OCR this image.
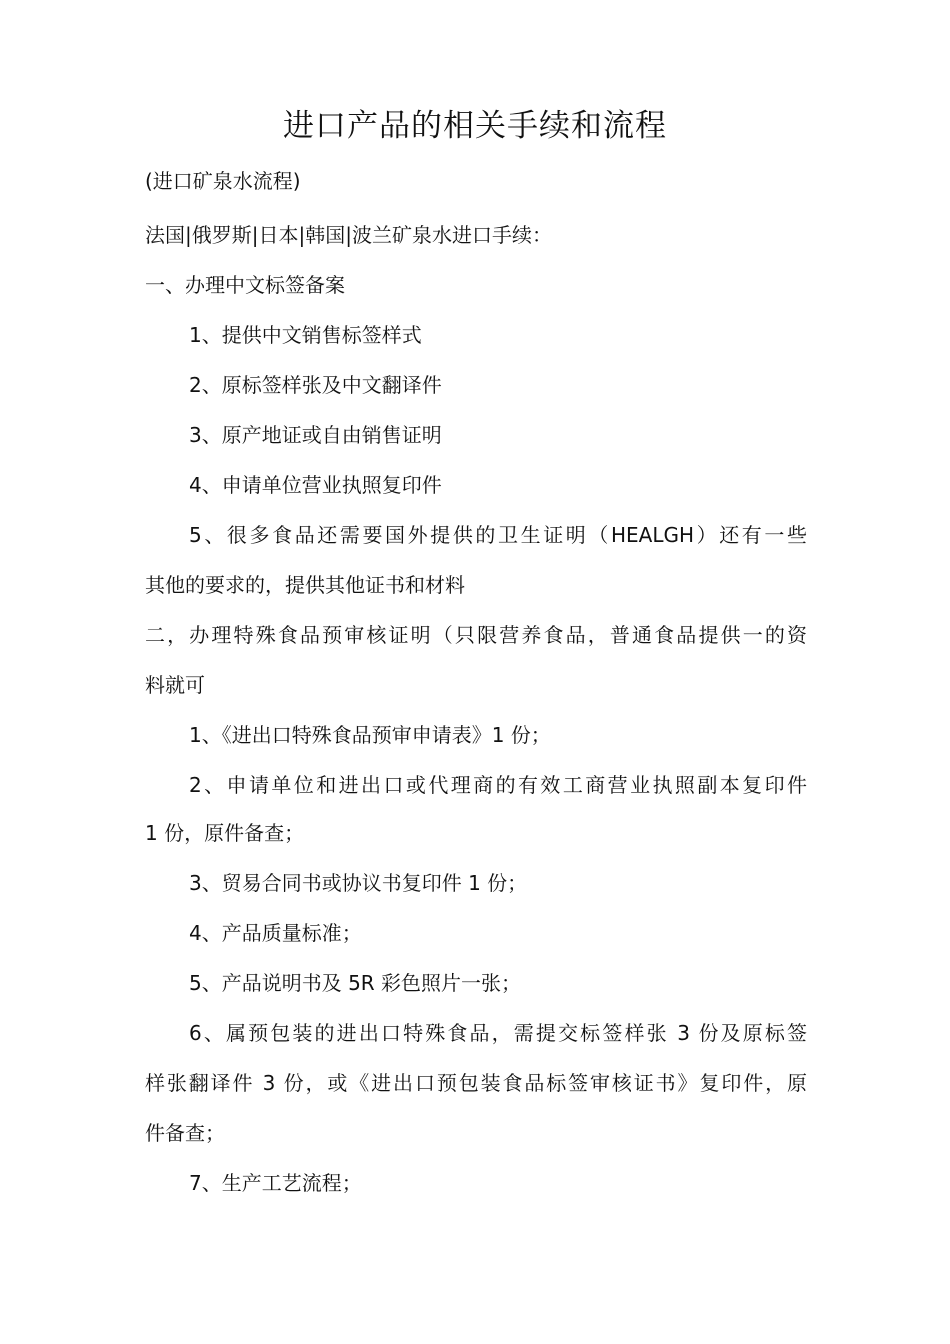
进口产品的相关手续和流程
(进口矿泉水流程)
法国|俄罗斯|日本|韩国|波兰矿泉水进口手续：
一、办理中文标签备案
1、提供中文销售标签样式
2、原标签样张及中文翻译件
3、原产地证或自由销售证明
4、申请单位营业执照复印件
5、很多食品还需要国外提供的卫生证明（HEALGH）还有一些
其他的要求的，提供其他证书和材料
二，办理特殊食品预审核证明（只限营养食品，普通食品提供一的资
料就可
1、《进出口特殊食品预审申请表》1 份；
2、申请单位和进出口或代理商的有效工商营业执照副本复印件
1 份，原件备查；
3、贸易合同书或协议书复印件 1 份；
4、产品质量标准；
5、产品说明书及 5R 彩色照片一张；
6、属预包装的进出口特殊食品，需提交标签样张 3 份及原标签
样张翻译件 3 份，或《进出口预包装食品标签审核证书》复印件，原
件备查；
7、生产工艺流程；
